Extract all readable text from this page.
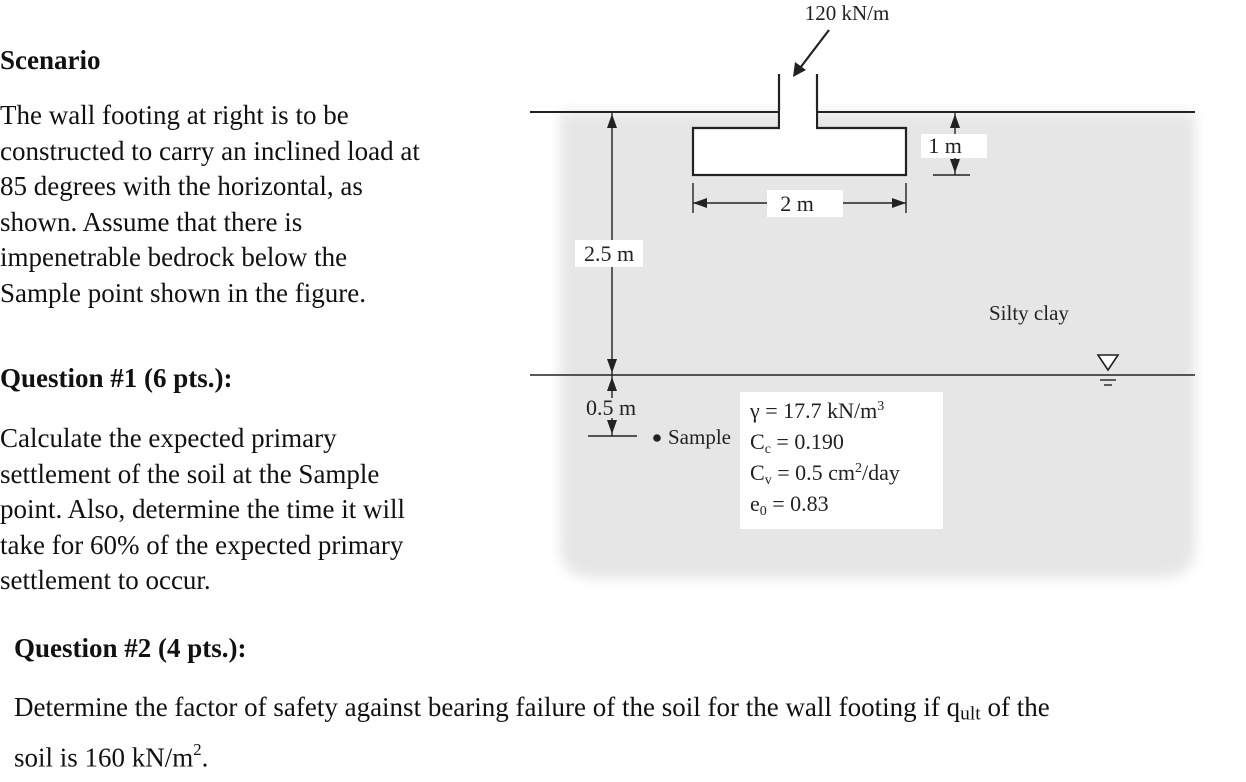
Scenario

The wall footing at right is to be
constructed to carry an inclined load at
85 degrees with the horizontal, as
shown. Assume that there is
impenetrable bedrock below the
Sample point shown in the figure.

Question #1 (6 pts.):

Calculate the expected primary
settlement of the soil at the Sample
point. Also, determine the time it will
take for 60% of the expected primary
settlement to occur.

Question #2 (4 pts.):

Determine the factor of safety against bearing failure of the soil for the wall footing if qult of the
soil is 160 $kN/m^2$.
120 kN/m
2 m
1 m
2.5 m
0.5 m
Sample
Silty clay
γ = 17.7 $kN/m^3$
Cc = 0.190
Cv = 0.5 $cm^2$/day
e0 = 0.83
